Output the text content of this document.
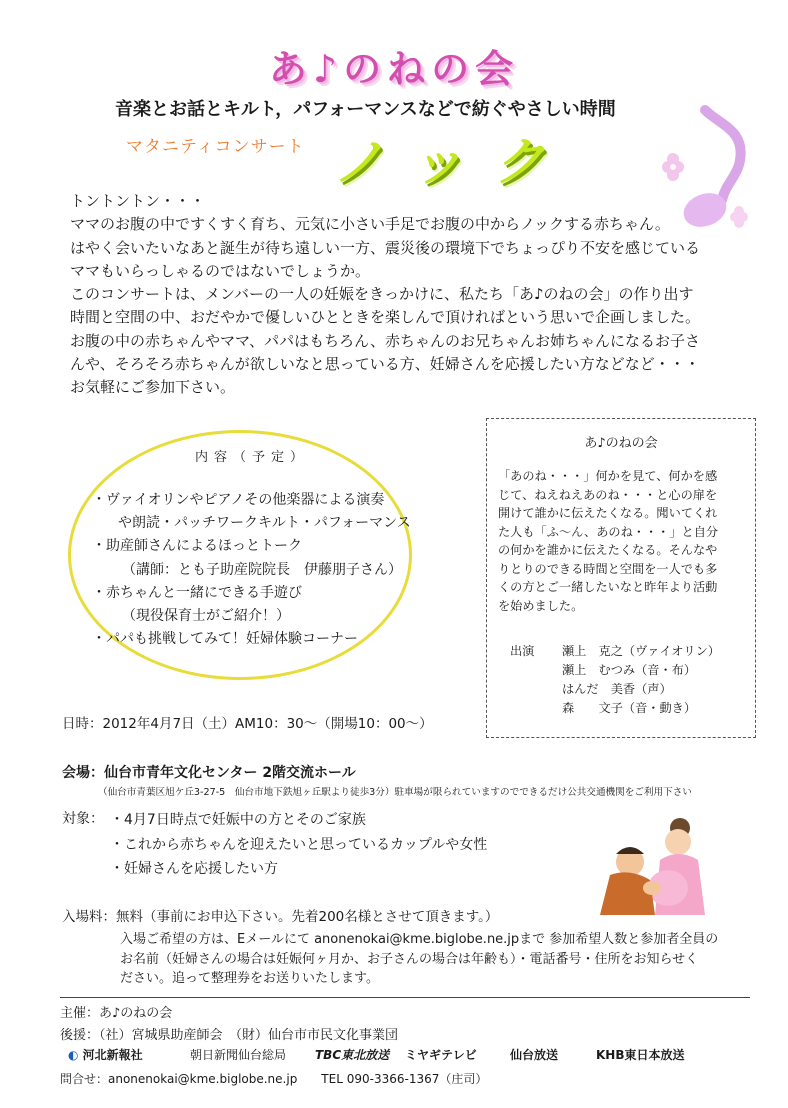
あ♪のねの会
音楽とお話とキルト，パフォーマンスなどで紡ぐやさしい時間
マタニティコンサート ノック

トントントン・・・

ママのお腹の中ですくすく育ち、元気に小さい手足でお腹の中からノックする赤ちゃん。

はやく会いたいなあと誕生が待ち遠しい一方、震災後の環境下でちょっぴり不安を感じている

ママもいらっしゃるのではないでしょうか。

このコンサートは、メンバーの一人の妊娠をきっかけに、私たち「あ♪のねの会」の作り出す

時間と空間の中、おだやかで優しいひとときを楽しんで頂ければという思いで企画しました。

お腹の中の赤ちゃんやママ、パパはもちろん、赤ちゃんのお兄ちゃんお姉ちゃんになるお子さ

んや、そろそろ赤ちゃんが欲しいなと思っている方、妊婦さんを応援したい方などなど・・・

お気軽にご参加下さい。

内容（予定）
・ヴァイオリンやピアノその他楽器による演奏
や朗読・パッチワークキルト・パフォーマンス
・助産師さんによるほっとトーク
（講師：とも子助産院院長　伊藤朋子さん）
・赤ちゃんと一緒にできる手遊び
（現役保育士がご紹介！）
・パパも挑戦してみて！妊婦体験コーナー
あ♪のねの会
「あのね・・・」何かを見て、何かを感
じて、ねえねえあのね・・・と心の扉を
開けて誰かに伝えたくなる。聞いてくれ
た人も「ふ～ん、あのね・・・」と自分
の何かを誰かに伝えたくなる。そんなや
りとりのできる時間と空間を一人でも多
くの方とご一緒したいなと昨年より活動
を始めました。
出演 瀬上　克之（ヴァイオリン）
瀬上　むつみ（音・布）
はんだ　美香（声）
森　　文子（音・動き）
日時：2012年4月7日（土）AM10：30～（開場10：00～）
会場：仙台市青年文化センター 2階交流ホール
（仙台市青葉区旭ケ丘3-27-5　仙台市地下鉄旭ヶ丘駅より徒歩3分）駐車場が限られていますのでできるだけ公共交通機関をご利用下さい
対象： ・4月7日時点で妊娠中の方とそのご家族
・これから赤ちゃんを迎えたいと思っているカップルや女性
・妊婦さんを応援したい方
入場料：無料（事前にお申込下さい。先着200名様とさせて頂きます。）
入場ご希望の方は、Eメールにて anonenokai@kme.biglobe.ne.jpまで 参加希望人数と参加者全員の
お名前（妊婦さんの場合は妊娠何ヶ月か、お子さんの場合は年齢も）・電話番号・住所をお知らせく
ださい。追って整理券をお送りいたします。
主催：あ♪のねの会
後援：（社）宮城県助産師会　（財）仙台市市民文化事業団
◐ 河北新報社	朝日新聞仙台総局 TBC東北放送 ミヤギテレビ	仙台放送	KHB東日本放送
問合せ：anonenokai@kme.biglobe.ne.jp　　TEL 090-3366-1367（庄司）
